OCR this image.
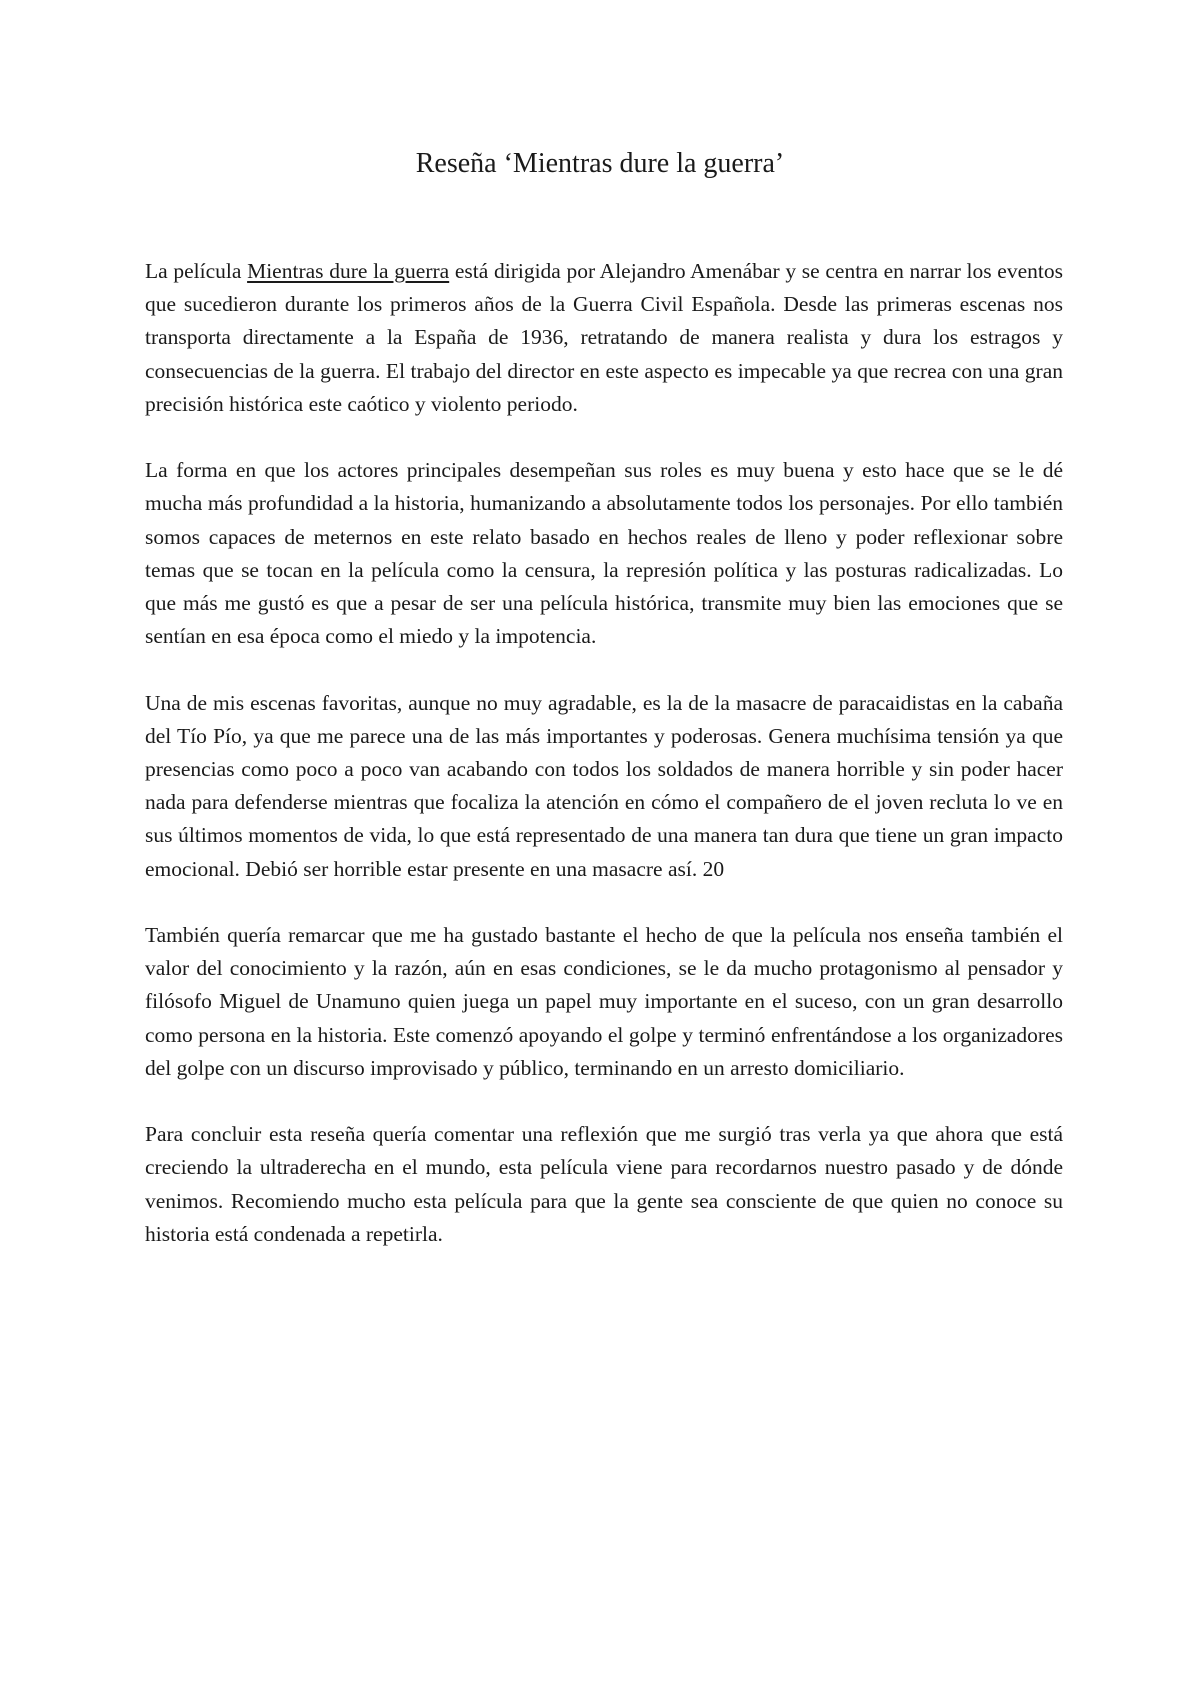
Reseña ‘Mientras dure la guerra’

La película Mientras dure la guerra está dirigida por Alejandro Amenábar y se centra en narrar los eventos que sucedieron durante los primeros años de la Guerra Civil Española. Desde las primeras escenas nos transporta directamente a la España de 1936, retratando de manera realista y dura los estragos y consecuencias de la guerra. El trabajo del director en este aspecto es impecable ya que recrea con una gran precisión histórica este caótico y violento periodo.

La forma en que los actores principales desempeñan sus roles es muy buena y esto hace que se le dé mucha más profundidad a la historia, humanizando a absolutamente todos los personajes. Por ello también somos capaces de meternos en este relato basado en hechos reales de lleno y poder reflexionar sobre temas que se tocan en la película como la censura, la represión política y las posturas radicalizadas. Lo que más me gustó es que a pesar de ser una película histórica, transmite muy bien las emociones que se sentían en esa época como el miedo y la impotencia.

Una de mis escenas favoritas, aunque no muy agradable, es la de la masacre de paracaidistas en la cabaña del Tío Pío, ya que me parece una de las más importantes y poderosas. Genera muchísima tensión ya que presencias como poco a poco van acabando con todos los soldados de manera horrible y sin poder hacer nada para defenderse mientras que focaliza la atención en cómo el compañero de el joven recluta lo ve en sus últimos momentos de vida, lo que está representado de una manera tan dura que tiene un gran impacto emocional. Debió ser horrible estar presente en una masacre así. 20

También quería remarcar que me ha gustado bastante el hecho de que la película nos enseña también el valor del conocimiento y la razón, aún en esas condiciones, se le da mucho protagonismo al pensador y filósofo Miguel de Unamuno quien juega un papel muy importante en el suceso, con un gran desarrollo como persona en la historia. Este comenzó apoyando el golpe y terminó enfrentándose a los organizadores del golpe con un discurso improvisado y público, terminando en un arresto domiciliario.

Para concluir esta reseña quería comentar una reflexión que me surgió tras verla ya que ahora que está creciendo la ultraderecha en el mundo, esta película viene para recordarnos nuestro pasado y de dónde venimos. Recomiendo mucho esta película para que la gente sea consciente de que quien no conoce su historia está condenada a repetirla.
